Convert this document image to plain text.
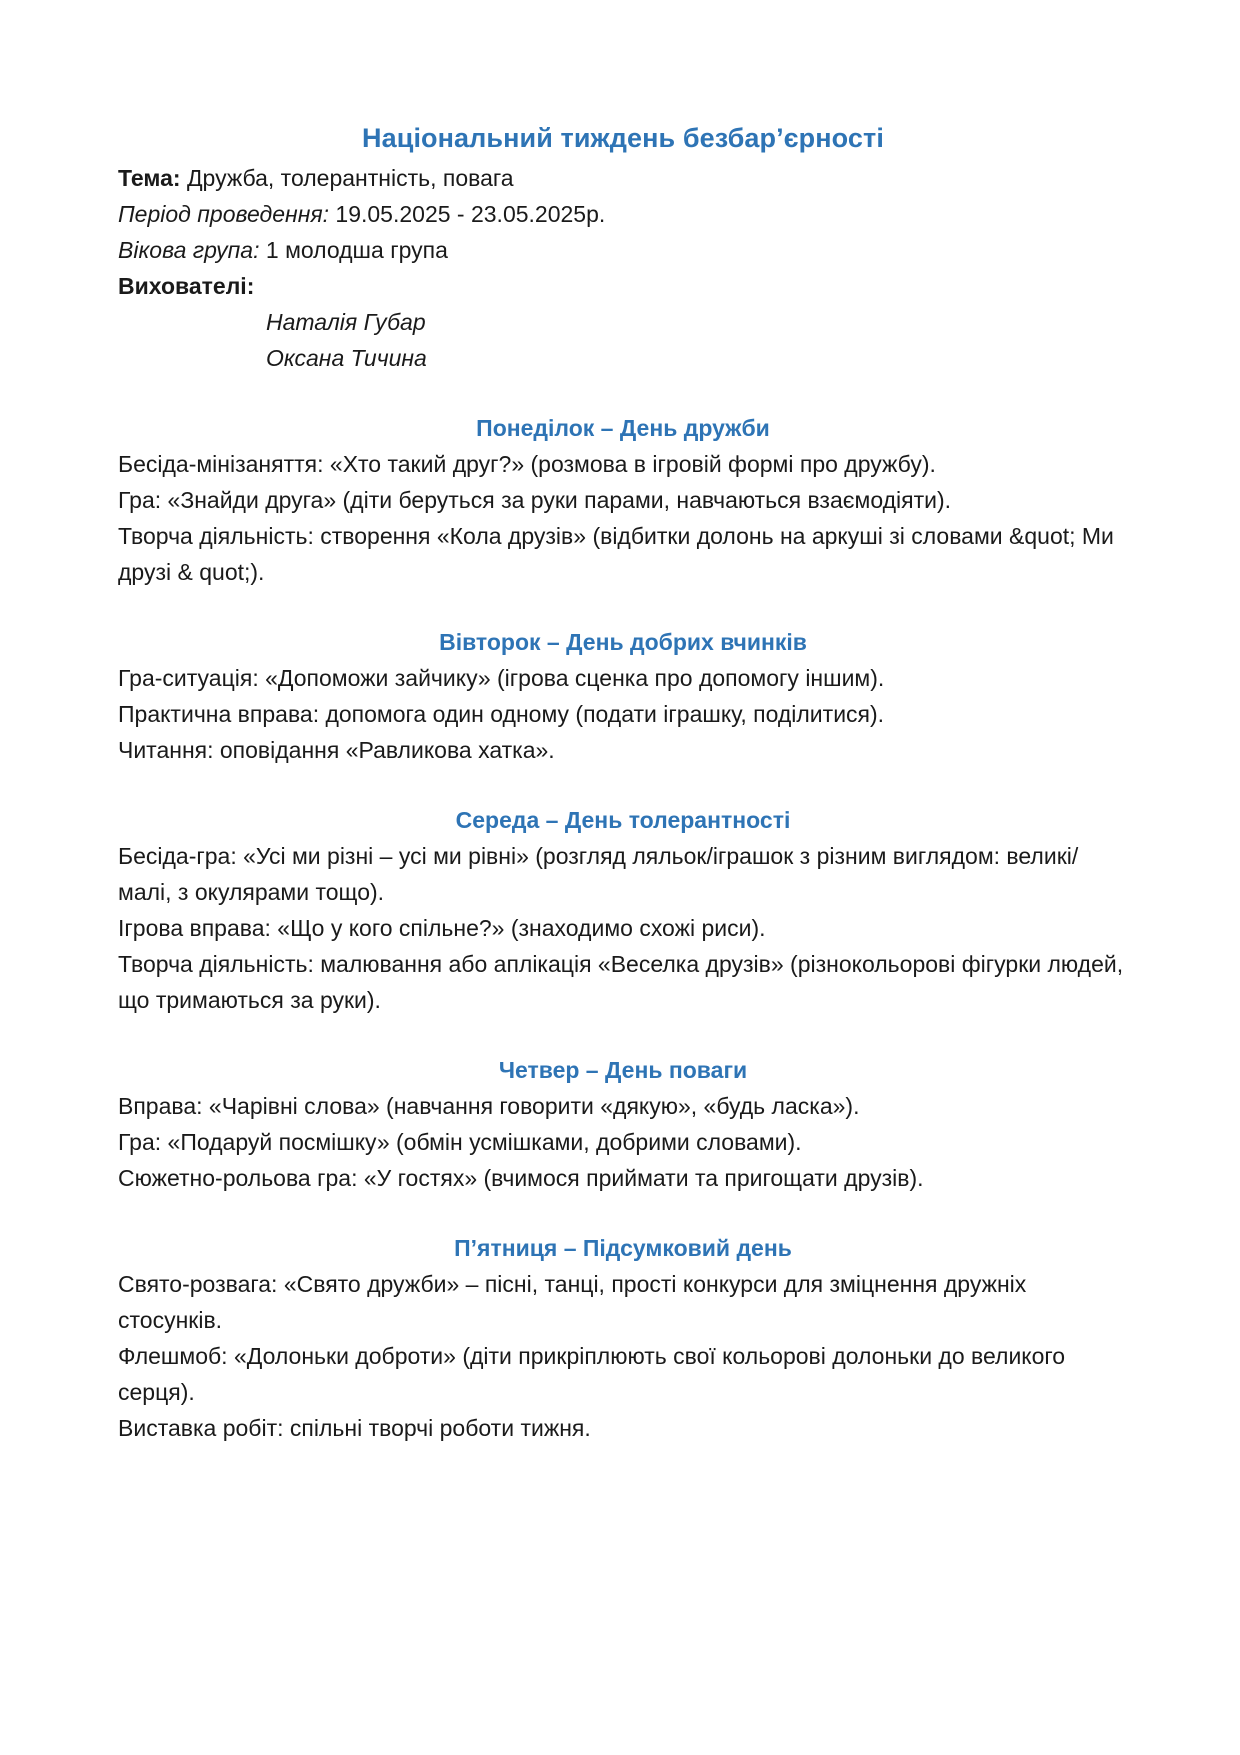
Національний тиждень безбар’єрності

Тема: Дружба, толерантність, повага

Період проведення: 19.05.2025 - 23.05.2025р.

Вікова група: 1 молодша група

Вихователі:

Наталія Губар

Оксана Тичина

Понеділок – День дружби

Бесіда-мінізаняття: «Хто такий друг?» (розмова в ігровій формі про дружбу).

Гра: «Знайди друга» (діти беруться за руки парами, навчаються взаємодіяти).

Творча діяльність: створення «Кола друзів» (відбитки долонь на аркуші зі словами &quot; Ми друзі & quot;).

Вівторок – День добрих вчинків

Гра-ситуація: «Допоможи зайчику» (ігрова сценка про допомогу іншим).

Практична вправа: допомога один одному (подати іграшку, поділитися).

Читання: оповідання «Равликова хатка».

Середа – День толерантності

Бесіда-гра: «Усі ми різні – усі ми рівні» (розгляд ляльок/іграшок з різним виглядом: великі/малі, з окулярами тощо).

Ігрова вправа: «Що у кого спільне?» (знаходимо схожі риси).

Творча діяльність: малювання або аплікація «Веселка друзів» (різнокольорові фігурки людей, що тримаються за руки).

Четвер – День поваги

Вправа: «Чарівні слова» (навчання говорити «дякую», «будь ласка»).

Гра: «Подаруй посмішку» (обмін усмішками, добрими словами).

Сюжетно-рольова гра: «У гостях» (вчимося приймати та пригощати друзів).

П’ятниця – Підсумковий день

Свято-розвага: «Свято дружби» – пісні, танці, прості конкурси для зміцнення дружніх стосунків.

Флешмоб: «Долоньки доброти» (діти прикріплюють свої кольорові долоньки до великого серця).

Виставка робіт: спільні творчі роботи тижня.
